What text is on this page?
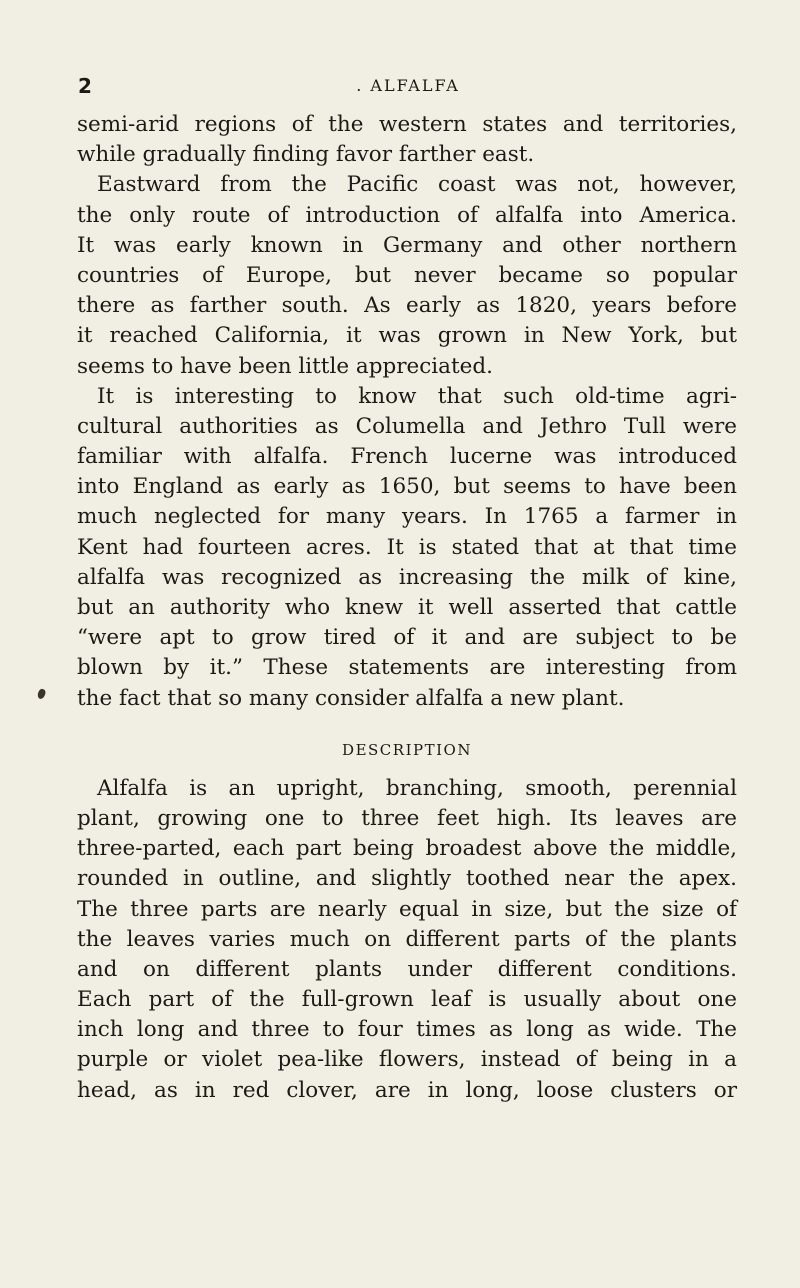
2	. ALFALFA
semi-arid regions of the western states and territories,
while gradually finding favor farther east.
Eastward from the Pacific coast was not, however,
the only route of introduction of alfalfa into America.
It was early known in Germany and other northern
countries of Europe, but never became so popular
there as farther south. As early as 1820, years before
it reached California, it was grown in New York, but
seems to have been little appreciated.
It is interesting to know that such old-time agri-
cultural authorities as Columella and Jethro Tull were
familiar with alfalfa. French lucerne was introduced
into England as early as 1650, but seems to have been
much neglected for many years. In 1765 a farmer in
Kent had fourteen acres. It is stated that at that time
alfalfa was recognized as increasing the milk of kine,
but an authority who knew it well asserted that cattle
“were apt to grow tired of it and are subject to be
blown by it.” These statements are interesting from
the fact that so many consider alfalfa a new plant.
DESCRIPTION
Alfalfa is an upright, branching, smooth, perennial
plant, growing one to three feet high. Its leaves are
three-parted, each part being broadest above the middle,
rounded in outline, and slightly toothed near the apex.
The three parts are nearly equal in size, but the size of
the leaves varies much on different parts of the plants
and on different plants under different conditions.
Each part of the full-grown leaf is usually about one
inch long and three to four times as long as wide. The
purple or violet pea-like flowers, instead of being in a
head, as in red clover, are in long, loose clusters or
